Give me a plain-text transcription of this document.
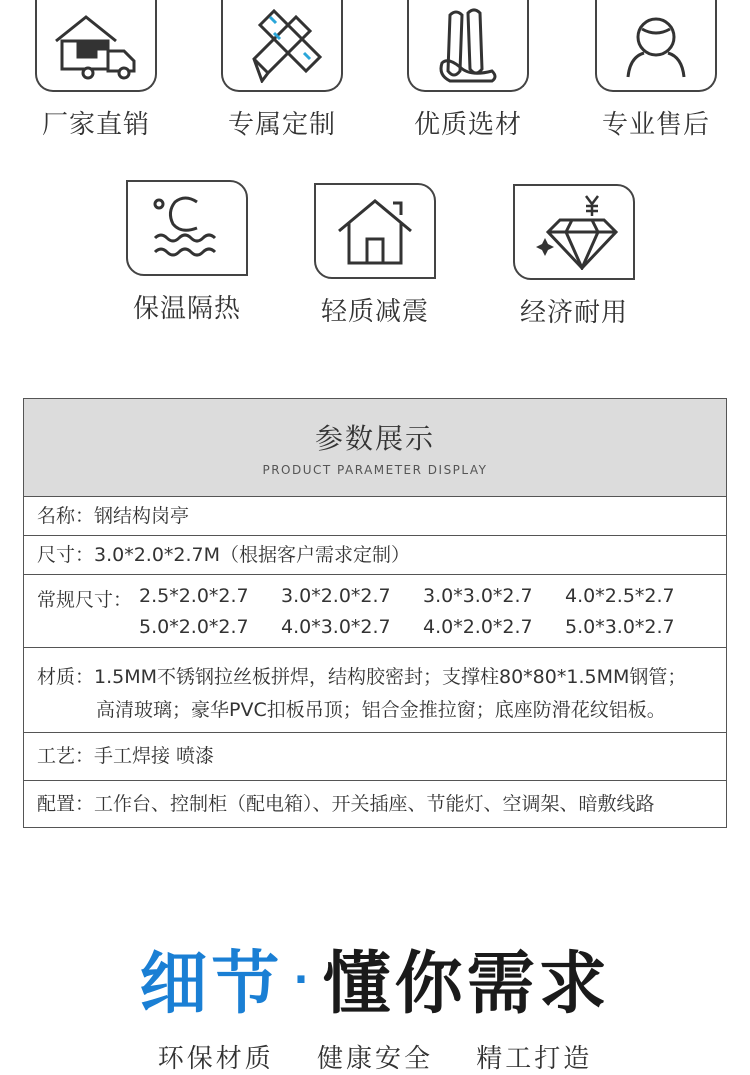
厂家直销	专属定制	优质选材	专业售后
保温隔热	轻质减震	经济耐用
参数展示
PRODUCT PARAMETER DISPLAY
名称：钢结构岗亭
尺寸：3.0*2.0*2.7M（根据客户需求定制）
常规尺寸： 2.5*2.0*2.7	3.0*2.0*2.7	3.0*3.0*2.7	4.0*2.5*2.7
5.0*2.0*2.7	4.0*3.0*2.7	4.0*2.0*2.7	5.0*3.0*2.7
材质：1.5MM不锈钢拉丝板拼焊，结构胶密封；支撑柱80*80*1.5MM钢管；
高清玻璃；豪华PVC扣板吊顶；铝合金推拉窗；底座防滑花纹铝板。
工艺：手工焊接 喷漆
配置：工作台、控制柜（配电箱）、开关插座、节能灯、空调架、暗敷线路
细节 · 懂你需求
环保材质 健康安全 精工打造
